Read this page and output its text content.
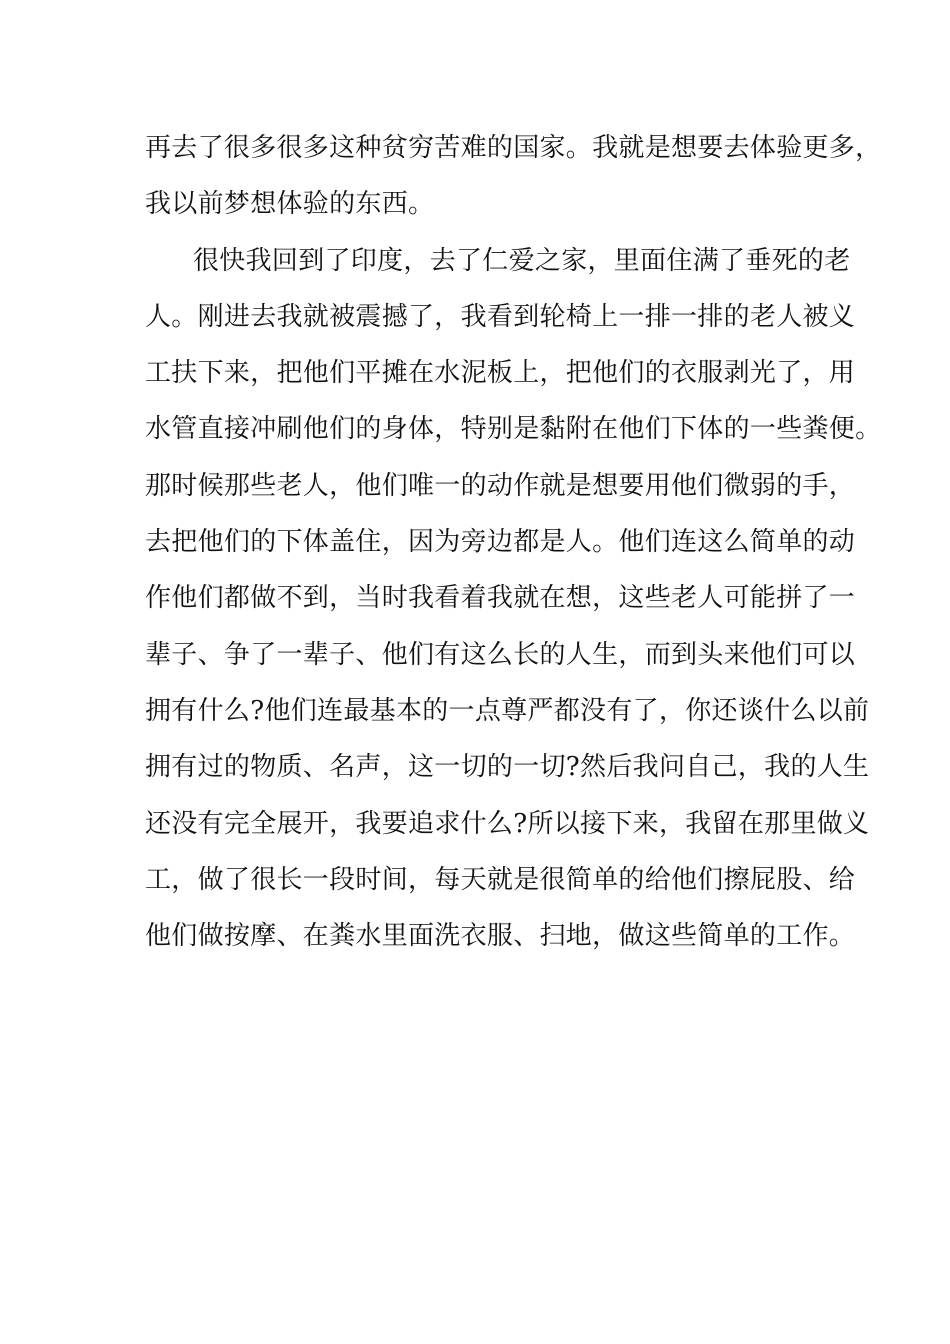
再去了很多很多这种贫穷苦难的国家。我就是想要去体验更多，
我以前梦想体验的东西。
很快我回到了印度，去了仁爱之家，里面住满了垂死的老
人。刚进去我就被震撼了，我看到轮椅上一排一排的老人被义
工扶下来，把他们平摊在水泥板上，把他们的衣服剥光了，用
水管直接冲刷他们的身体，特别是黏附在他们下体的一些粪便。
那时候那些老人，他们唯一的动作就是想要用他们微弱的手，
去把他们的下体盖住，因为旁边都是人。他们连这么简单的动
作他们都做不到，当时我看着我就在想，这些老人可能拼了一
辈子、争了一辈子、他们有这么长的人生，而到头来他们可以
拥有什么?他们连最基本的一点尊严都没有了，你还谈什么以前
拥有过的物质、名声，这一切的一切?然后我问自己，我的人生
还没有完全展开，我要追求什么?所以接下来，我留在那里做义
工，做了很长一段时间，每天就是很简单的给他们擦屁股、给
他们做按摩、在粪水里面洗衣服、扫地，做这些简单的工作。
